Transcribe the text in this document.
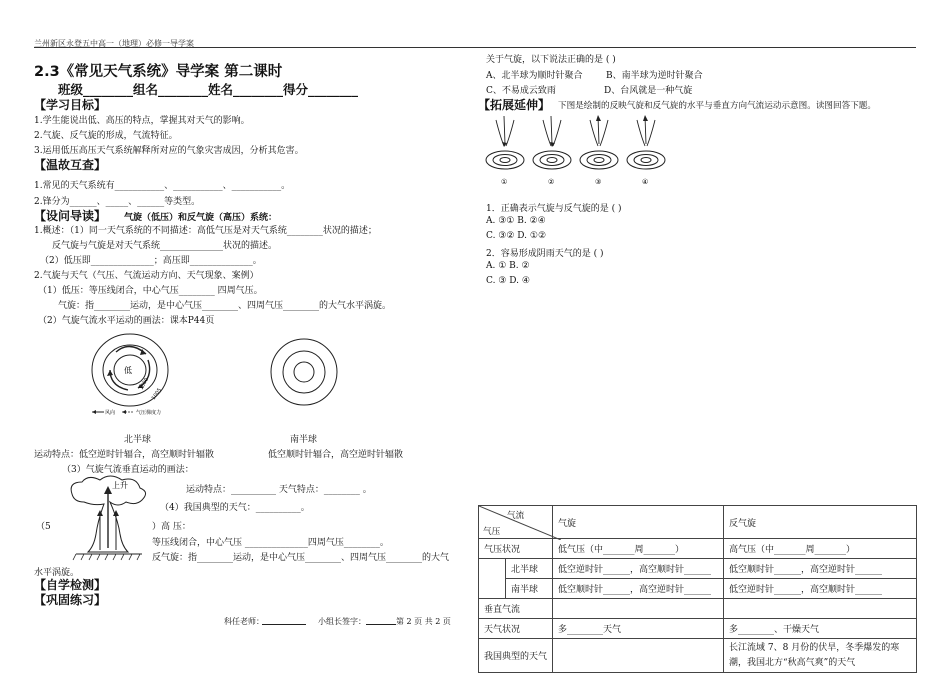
兰州新区永登五中高一（地理）必修一导学案
2.3《常见天气系统》导学案 第二课时
班级________组名________姓名________得分________
【学习目标】
1.学生能说出低、高压的特点，掌握其对天气的影响。
2.气旋、反气旋的形成，气流特征。
3.运用低压高压天气系统解释所对应的气象灾害成因，分析其危害。
【温故互查】
1.常见的天气系统有___________、___________、___________。
2.锋分为______、_____、______等类型。
【设问导读】 气旋（低压）和反气旋（高压）系统：
1.概述：（1）同一天气系统的不同描述：高低气压是对天气系统________状况的描述；
反气旋与气旋是对天气系统______________状况的描述。
（2）低压即______________；高压即______________。
2.气旋与天气（气压、气流运动方向、天气现象、案例）
（1）低压：等压线闭合，中心气压________ 四周气压。
气旋：指________运动，是中心气压________、四周气压________的大气水平涡旋。
（2）气旋气流水平运动的画法：课本P44页
低
1000
1005
风向	气压梯度力
北半球	南半球
运动特点：低空逆时针辐合，高空顺时针辐散	低空顺时针辐合，高空逆时针辐散
（3）气旋气流垂直运动的画法：
上升	运动特点：__________ 天气特点：________ 。
（4）我国典型的天气：__________。
（5	）高 压：
等压线闭合，中心气压 ______________四周气压________。
反气旋：指________运动，是中心气压________、四周气压________的大气
水平涡旋。
【自学检测】
【巩固练习】
科任老师：	小组长签字：	第 2 页 共 2 页
关于气旋，以下说法正确的是 ( )
A、北半球为顺时针聚合	B、南半球为逆时针聚合
C、不易成云致雨	D、台风就是一种气旋
【拓展延伸】 下图是绘制的反映气旋和反气旋的水平与垂直方向气流运动示意图。读图回答下题。
①	②	③	④
1．正确表示气旋与反气旋的是 ( )
A. ③① B. ②④
C. ③② D. ①②
2．容易形成阴雨天气的是 ( )
A. ① B. ②
C. ③ D. ④
气流
气压		气旋	反气旋
气压状况		低气压（中_______周_______）	高气压（中_______周_______）
	北半球	低空逆时针______，高空顺时针______	低空顺时针______，高空逆时针______
	南半球	低空顺时针______，高空逆时针______	低空逆时针______，高空顺时针______
垂直气流			
天气状况		多________天气	多________、干燥天气
我国典型的天气			长江流域 7、8 月份的伏旱，冬季爆发的寒
潮，我国北方“秋高气爽”的天气
